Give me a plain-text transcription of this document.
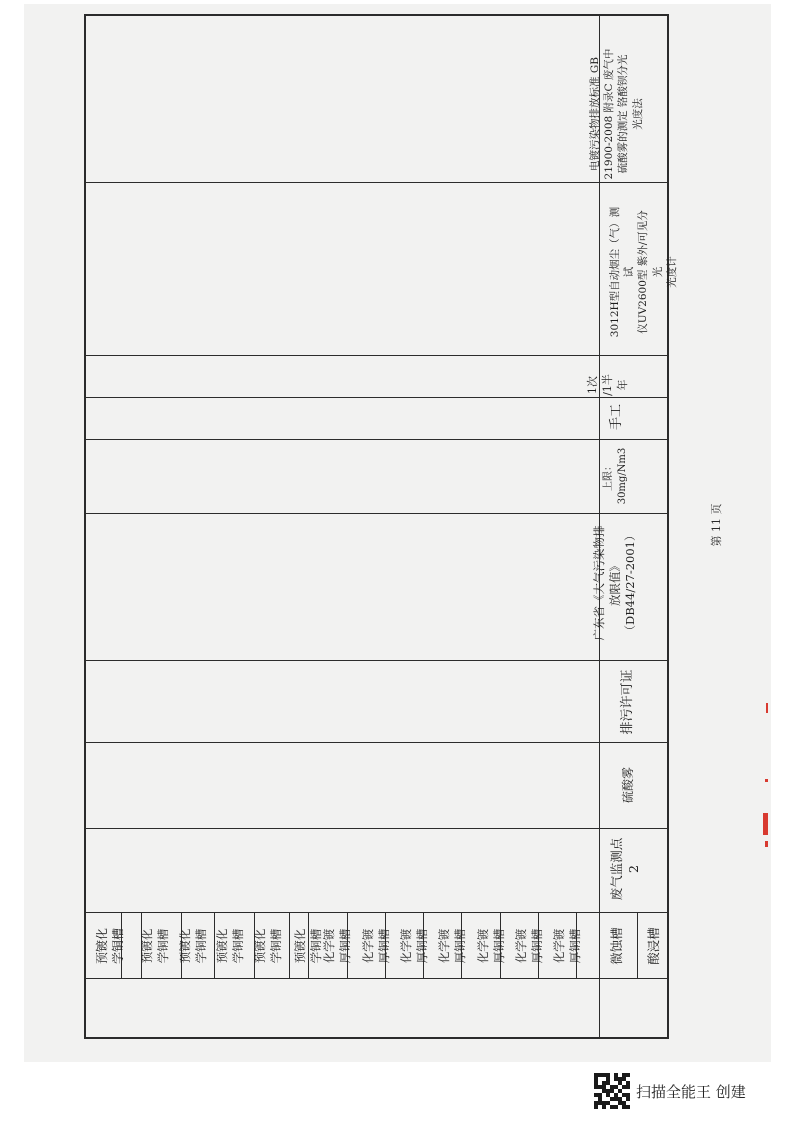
电镀污染物排放标准 GB
21900-2008 附录C 废气中
硫酸雾的测定 铬酸钡分光
光度法
3012H型自动烟尘（气）测试
仪UV2600型 紫外/可见分光
光度计
1次
/1半
年
手工
上限：
30mg/Nm3
广东省《大气污染物排
放限值》
（DB44/27-2001）
排污许可证
硫酸雾
废气监测点
2
预镀化
学铜槽 预镀化
学铜槽 预镀化
学铜槽 预镀化
学铜槽 预镀化
学铜槽 预镀化
学铜槽 化学镀
厚铜槽 化学镀
厚铜槽 化学镀
厚铜槽 化学镀
厚铜槽 化学镀
厚铜槽 化学镀
厚铜槽 化学镀
厚铜槽 微蚀槽 酸浸槽
第 11 页
扫描全能王 创建
